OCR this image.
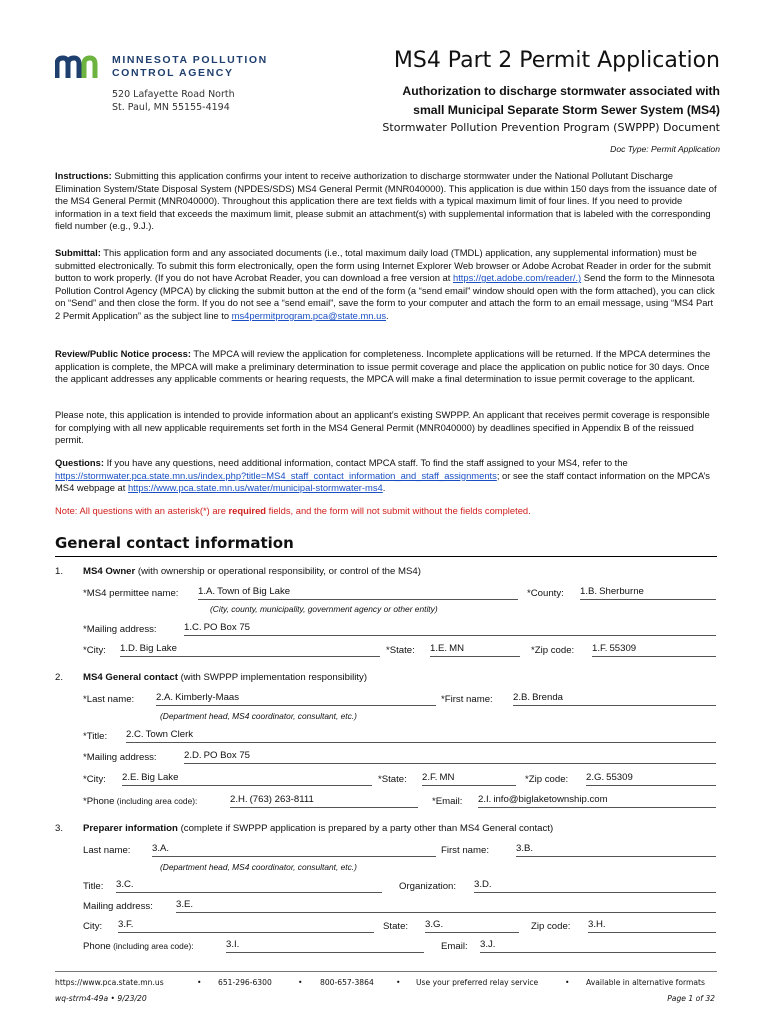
MINNESOTA POLLUTION
CONTROL AGENCY
520 Lafayette Road North
St. Paul, MN 55155-4194
MS4 Part 2 Permit Application
Authorization to discharge stormwater associated with
small Municipal Separate Storm Sewer System (MS4)
Stormwater Pollution Prevention Program (SWPPP) Document
Doc Type: Permit Application
Instructions: Submitting this application confirms your intent to receive authorization to discharge stormwater under the National Pollutant Discharge Elimination System/State Disposal System (NPDES/SDS) MS4 General Permit (MNR040000). This application is due within 150 days from the issuance date of the MS4 General Permit (MNR040000). Throughout this application there are text fields with a typical maximum limit of four lines. If you need to provide information in a text field that exceeds the maximum limit, please submit an attachment(s) with supplemental information that is labeled with the corresponding field number (e.g., 9.J.).
Submittal: This application form and any associated documents (i.e., total maximum daily load (TMDL) application, any supplemental information) must be submitted electronically. To submit this form electronically, open the form using Internet Explorer Web browser or Adobe Acrobat Reader in order for the submit button to work properly. (If you do not have Acrobat Reader, you can download a free version at https://get.adobe.com/reader/.) Send the form to the Minnesota Pollution Control Agency (MPCA) by clicking the submit button at the end of the form (a “send email” window should open with the form attached), you can click on “Send” and then close the form. If you do not see a “send email”, save the form to your computer and attach the form to an email message, using “MS4 Part 2 Permit Application” as the subject line to ms4permitprogram.pca@state.mn.us.
Review/Public Notice process: The MPCA will review the application for completeness. Incomplete applications will be returned. If the MPCA determines the application is complete, the MPCA will make a preliminary determination to issue permit coverage and place the application on public notice for 30 days. Once the applicant addresses any applicable comments or hearing requests, the MPCA will make a final determination to issue permit coverage to the applicant.
Please note, this application is intended to provide information about an applicant’s existing SWPPP. An applicant that receives permit coverage is responsible for complying with all new applicable requirements set forth in the MS4 General Permit (MNR040000) by deadlines specified in Appendix B of the reissued permit.
Questions: If you have any questions, need additional information, contact MPCA staff. To find the staff assigned to your MS4, refer to the https://stormwater.pca.state.mn.us/index.php?title=MS4_staff_contact_information_and_staff_assignments; or see the staff contact information on the MPCA’s MS4 webpage at https://www.pca.state.mn.us/water/municipal-stormwater-ms4.
Note: All questions with an asterisk(*) are required fields, and the form will not submit without the fields completed.
General contact information
1. MS4 Owner (with ownership or operational responsibility, or control of the MS4)
*MS4 permittee name: 1.A. Town of Big Lake	*County: 1.B. Sherburne
(City, county, municipality, government agency or other entity)
*Mailing address:	1.C. PO Box 75
*City: 1.D. Big Lake	*State: 1.E. MN	*Zip code: 1.F. 55309
2. MS4 General contact (with SWPPP implementation responsibility)
*Last name: 2.A. Kimberly-Maas	*First name: 2.B. Brenda
(Department head, MS4 coordinator, consultant, etc.)
*Title: 2.C. Town Clerk
*Mailing address:	2.D. PO Box 75
*City: 2.E. Big Lake	*State: 2.F. MN	*Zip code: 2.G. 55309
*Phone (including area code):	2.H. (763) 263-8111	*Email: 2.I. info@biglaketownship.com
3. Preparer information (complete if SWPPP application is prepared by a party other than MS4 General contact)
Last name: 3.A.	First name:	3.B.
(Department head, MS4 coordinator, consultant, etc.)
Title: 3.C.	Organization: 3.D.
Mailing address: 3.E.
City: 3.F.	State: 3.G.	Zip code: 3.H.
Phone (including area code):	3.I.	Email: 3.J.
https://www.pca.state.mn.us	• 651-296-6300	• 800-657-3864	• Use your preferred relay service	• Available in alternative formats
wq-strm4-49a • 9/23/20	Page 1 of 32
